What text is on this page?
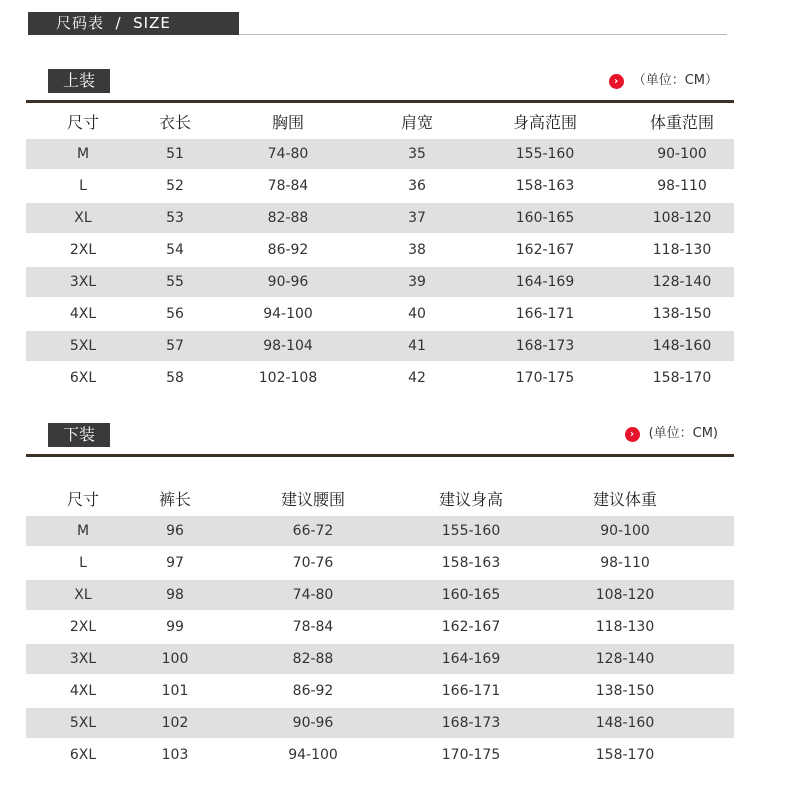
尺码表  /  SIZE
上装	›	（单位：CM）
尺寸	衣长	胸围	肩宽	身高范围	体重范围
M	51	74-80	35	155-160	90-100
L	52	78-84	36	158-163	98-110
XL	53	82-88	37	160-165	108-120
2XL	54	86-92	38	162-167	118-130
3XL	55	90-96	39	164-169	128-140
4XL	56	94-100	40	166-171	138-150
5XL	57	98-104	41	168-173	148-160
6XL	58	102-108	42	170-175	158-170
下装	›	(单位：CM)
尺寸	裤长	建议腰围	建议身高	建议体重
M	96	66-72	155-160	90-100
L	97	70-76	158-163	98-110
XL	98	74-80	160-165	108-120
2XL	99	78-84	162-167	118-130
3XL	100	82-88	164-169	128-140
4XL	101	86-92	166-171	138-150
5XL	102	90-96	168-173	148-160
6XL	103	94-100	170-175	158-170
